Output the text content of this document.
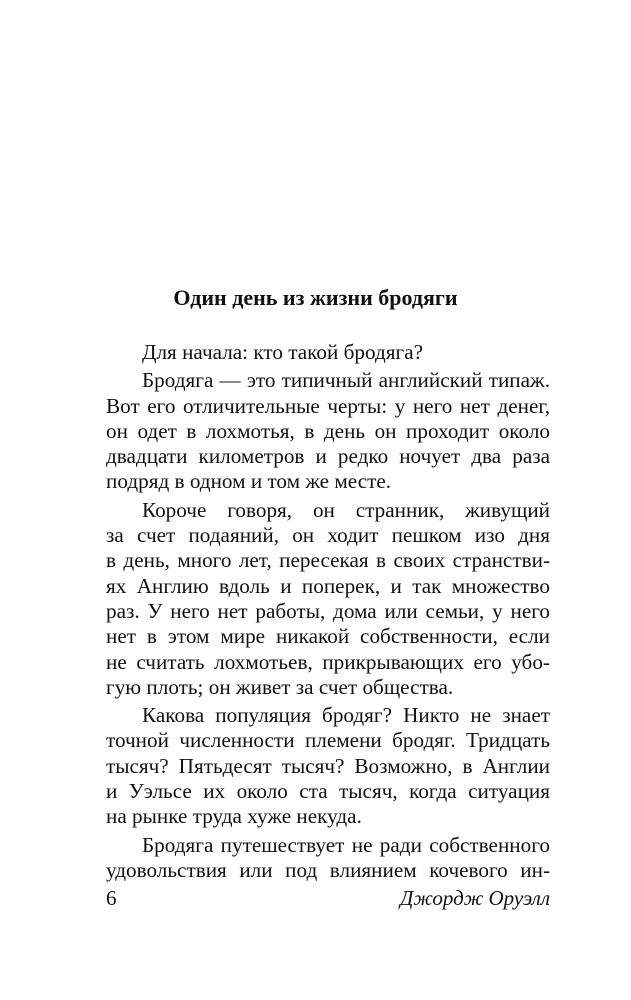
Один день из жизни бродяги
Для начала: кто такой бродяга?
Бродяга — это типичный английский типаж.
Вот его отличительные черты: у него нет денег,
он одет в лохмотья, в день он проходит около
двадцати километров и редко ночует два раза
подряд в одном и том же месте.
Короче говоря, он странник, живущий
за счет подаяний, он ходит пешком изо дня
в день, много лет, пересекая в своих странстви-
ях Англию вдоль и поперек, и так множество
раз. У него нет работы, дома или семьи, у него
нет в этом мире никакой собственности, если
не считать лохмотьев, прикрывающих его убо-
гую плоть; он живет за счет общества.
Какова популяция бродяг? Никто не знает
точной численности племени бродяг. Тридцать
тысяч? Пятьдесят тысяч? Возможно, в Англии
и Уэльсе их около ста тысяч, когда ситуация
на рынке труда хуже некуда.
Бродяга путешествует не ради собственного
удовольствия или под влиянием кочевого ин-
6	Джордж Оруэлл
